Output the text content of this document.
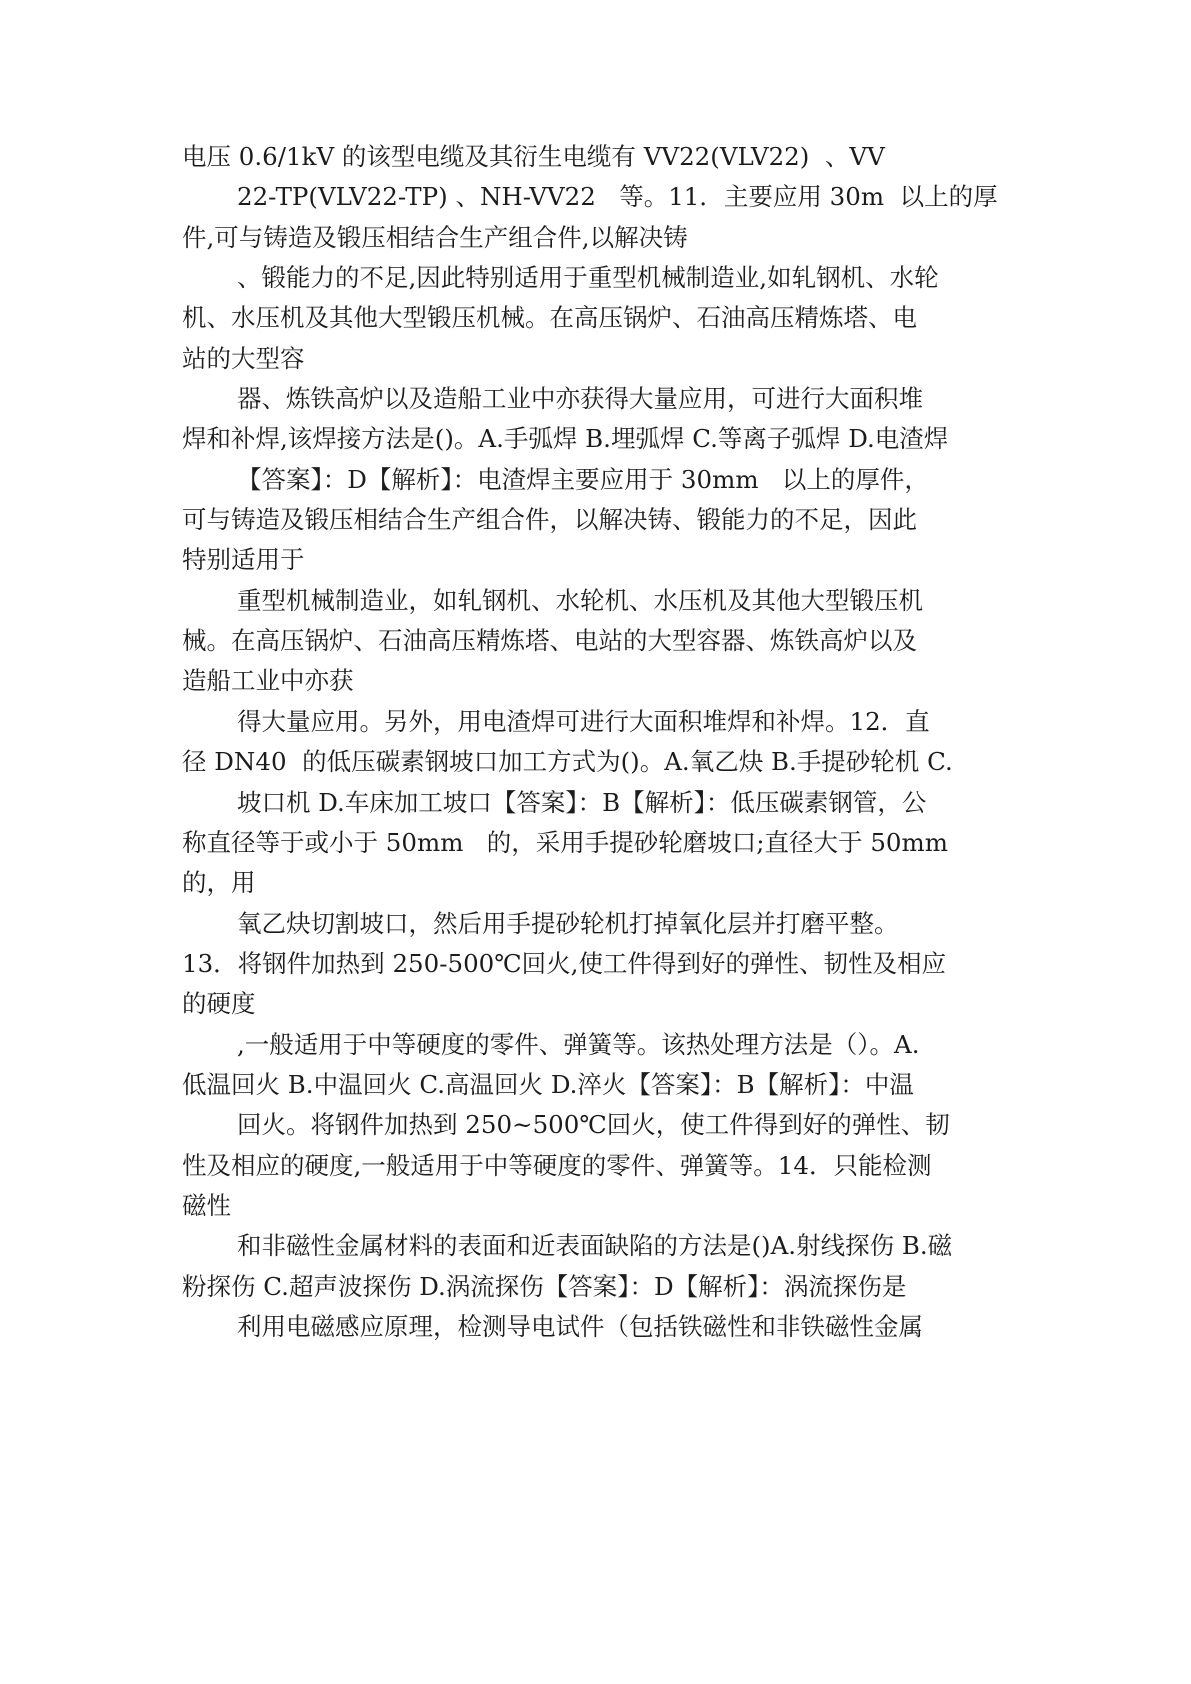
电压 0.6/1kV 的该型电缆及其衍生电缆有 VV22(VLV22)  、VV
22-TP(VLV22-TP) 、NH-VV22   等。11．主要应用 30m  以上的厚
件,可与铸造及锻压相结合生产组合件,以解决铸
、锻能力的不足,因此特别适用于重型机械制造业,如轧钢机、水轮
机、水压机及其他大型锻压机械。在高压锅炉、石油高压精炼塔、电
站的大型容
器、炼铁高炉以及造船工业中亦获得大量应用，可进行大面积堆
焊和补焊,该焊接方法是()。A.手弧焊 B.埋弧焊 C.等离子弧焊 D.电渣焊
【答案】：D【解析】：电渣焊主要应用于 30mm   以上的厚件，
可与铸造及锻压相结合生产组合件，以解决铸、锻能力的不足，因此
特别适用于
重型机械制造业，如轧钢机、水轮机、水压机及其他大型锻压机
械。在高压锅炉、石油高压精炼塔、电站的大型容器、炼铁高炉以及
造船工业中亦获
得大量应用。另外，用电渣焊可进行大面积堆焊和补焊。12．直
径 DN40  的低压碳素钢坡口加工方式为()。A.氧乙炔 B.手提砂轮机 C.
坡口机 D.车床加工坡口【答案】：B【解析】：低压碳素钢管，公
称直径等于或小于 50mm   的，采用手提砂轮磨坡口;直径大于 50mm
的，用
氧乙炔切割坡口，然后用手提砂轮机打掉氧化层并打磨平整。
13．将钢件加热到 250-500℃回火,使工件得到好的弹性、韧性及相应
的硬度
,一般适用于中等硬度的零件、弹簧等。该热处理方法是（）。A.
低温回火 B.中温回火 C.高温回火 D.淬火【答案】：B【解析】：中温
回火。将钢件加热到 250~500℃回火，使工件得到好的弹性、韧
性及相应的硬度,一般适用于中等硬度的零件、弹簧等。14．只能检测
磁性
和非磁性金属材料的表面和近表面缺陷的方法是()A.射线探伤 B.磁
粉探伤 C.超声波探伤 D.涡流探伤【答案】：D【解析】：涡流探伤是
利用电磁感应原理，检测导电试件（包括铁磁性和非铁磁性金属
